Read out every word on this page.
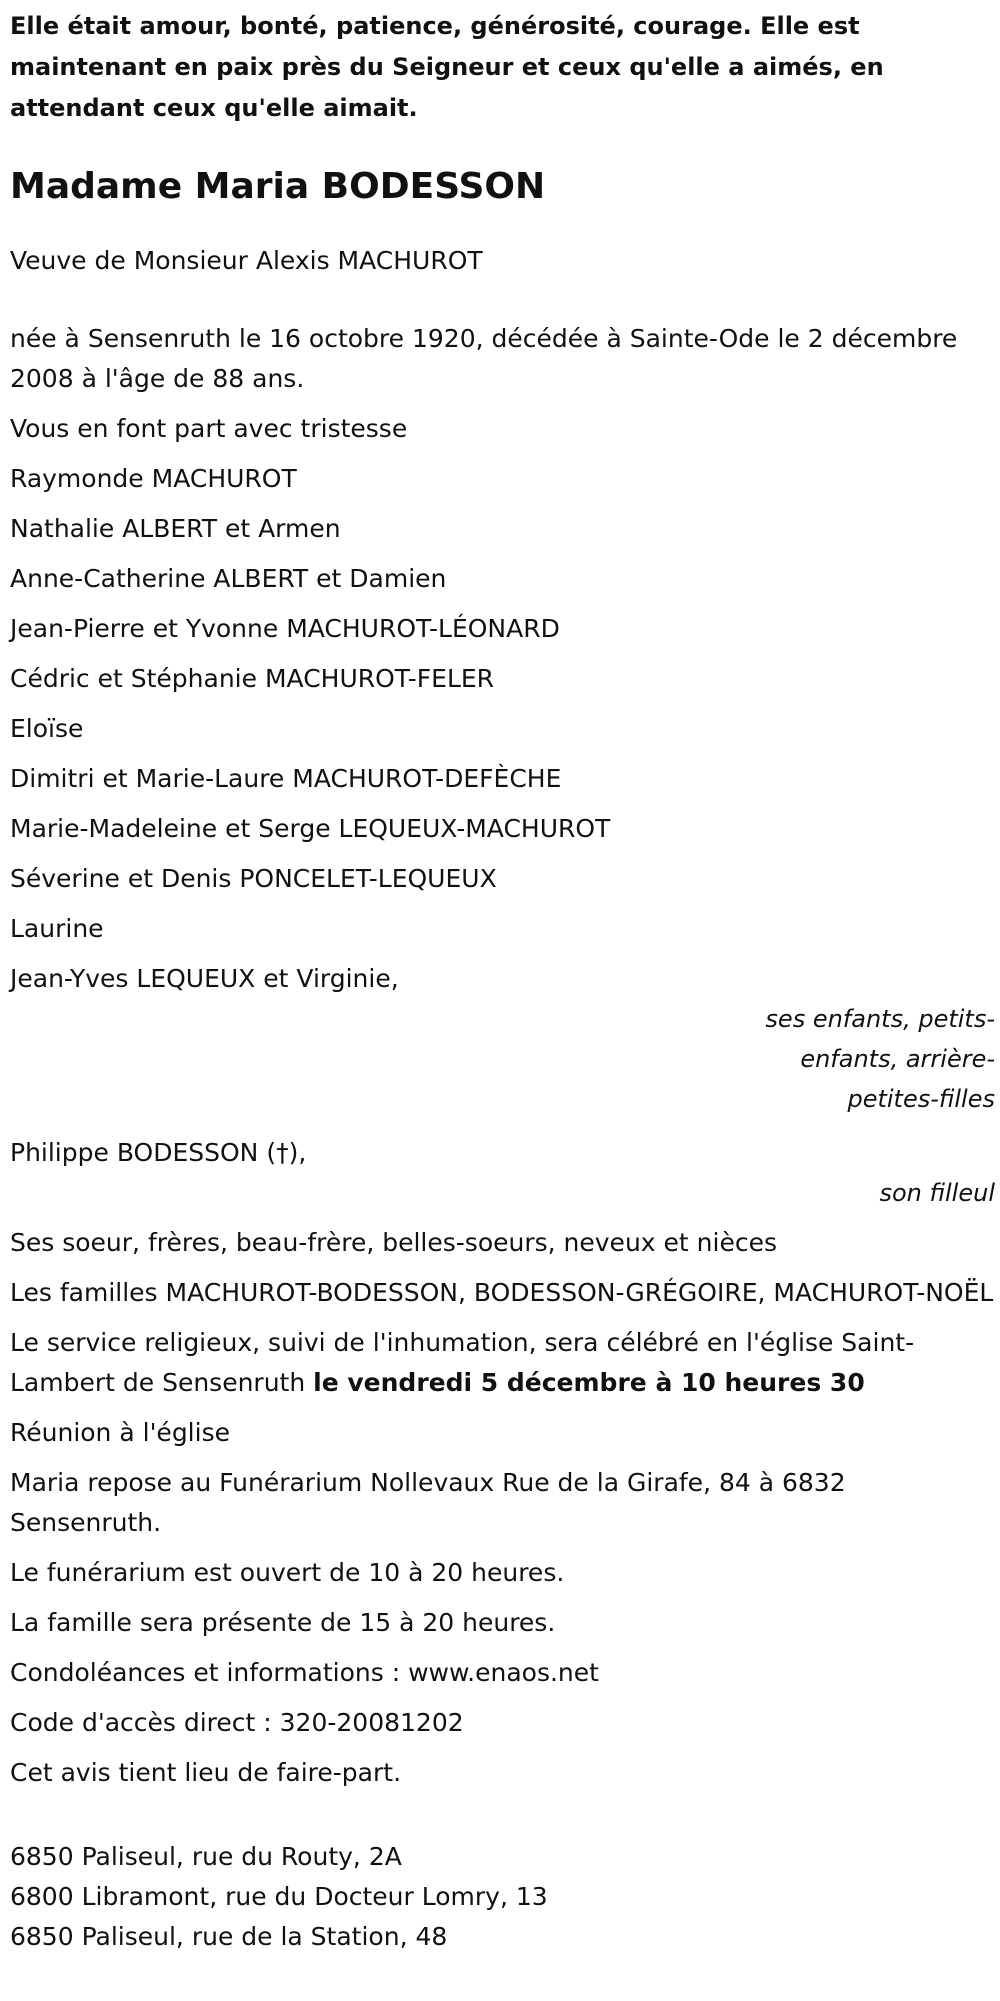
Elle était amour, bonté, patience, générosité, courage. Elle est maintenant en paix près du Seigneur et ceux qu'elle a aimés, en attendant ceux qu'elle aimait.

Madame Maria BODESSON

Veuve de Monsieur Alexis MACHUROT

née à Sensenruth le 16 octobre 1920, décédée à Sainte-Ode le 2 décembre 2008 à l'âge de 88 ans.

Vous en font part avec tristesse

Raymonde MACHUROT

Nathalie ALBERT et Armen

Anne-Catherine ALBERT et Damien

Jean-Pierre et Yvonne MACHUROT-LÉONARD

Cédric et Stéphanie MACHUROT-FELER

Eloïse

Dimitri et Marie-Laure MACHUROT-DEFÈCHE

Marie-Madeleine et Serge LEQUEUX-MACHUROT

Séverine et Denis PONCELET-LEQUEUX

Laurine

Jean-Yves LEQUEUX et Virginie,

ses enfants, petits-enfants, arrière-petites-filles

Philippe BODESSON (†),

son filleul

Ses soeur, frères, beau-frère, belles-soeurs, neveux et nièces

Les familles MACHUROT-BODESSON, BODESSON-GRÉGOIRE, MACHUROT-NOËL

Le service religieux, suivi de l'inhumation, sera célébré en l'église Saint-Lambert de Sensenruth le vendredi 5 décembre à 10 heures 30

Réunion à l'église

Maria repose au Funérarium Nollevaux Rue de la Girafe, 84 à 6832 Sensenruth.

Le funérarium est ouvert de 10 à 20 heures.

La famille sera présente de 15 à 20 heures.

Condoléances et informations : www.enaos.net

Code d'accès direct : 320-20081202

Cet avis tient lieu de faire-part.

6850 Paliseul, rue du Routy, 2A

6800 Libramont, rue du Docteur Lomry, 13

6850 Paliseul, rue de la Station, 48
